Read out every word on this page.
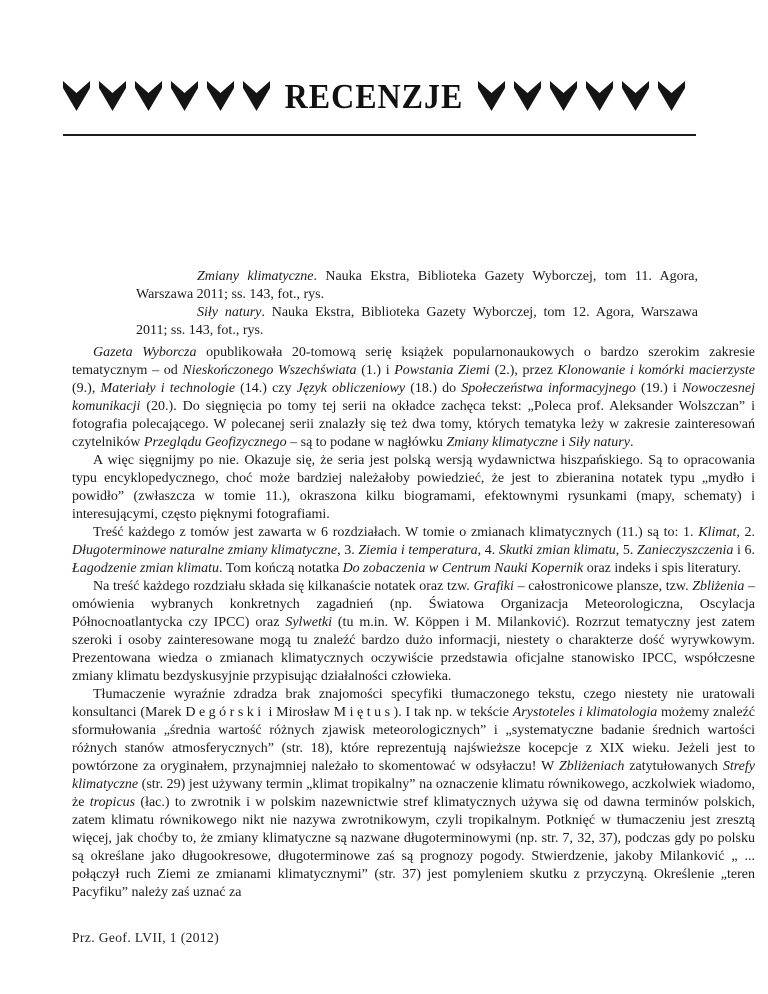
RECENZJE

Zmiany klimatyczne. Nauka Ekstra, Biblioteka Gazety Wyborczej, tom 11. Agora, Warszawa 2011; ss. 143, fot., rys.

Siły natury. Nauka Ekstra, Biblioteka Gazety Wyborczej, tom 12. Agora, Warszawa 2011; ss. 143, fot., rys.

Gazeta Wyborcza opublikowała 20-tomową serię książek popularnonaukowych o bardzo szerokim zakresie tematycznym – od Nieskończonego Wszechświata (1.) i Powstania Ziemi (2.), przez Klonowanie i komórki macierzyste (9.), Materiały i technologie (14.) czy Język obliczeniowy (18.) do Społeczeństwa informacyjnego (19.) i Nowoczesnej komunikacji (20.). Do sięgnięcia po tomy tej serii na okładce zachęca tekst: „Poleca prof. Aleksander Wolszczan” i fotografia polecającego. W polecanej serii znalazły się też dwa tomy, których tematyka leży w zakresie zainteresowań czytelników Przeglądu Geofizycznego – są to podane w nagłówku Zmiany klimatyczne i Siły natury.

A więc sięgnijmy po nie. Okazuje się, że seria jest polską wersją wydawnictwa hiszpańskiego. Są to opracowania typu encyklopedycznego, choć może bardziej należałoby powiedzieć, że jest to zbieranina notatek typu „mydło i powidło” (zwłaszcza w tomie 11.), okraszona kilku biogramami, efektownymi rysunkami (mapy, schematy) i interesującymi, często pięknymi fotografiami.

Treść każdego z tomów jest zawarta w 6 rozdziałach. W tomie o zmianach klimatycznych (11.) są to: 1. Klimat, 2. Długoterminowe naturalne zmiany klimatyczne, 3. Ziemia i temperatura, 4. Skutki zmian klimatu, 5. Zanieczyszczenia i 6. Łagodzenie zmian klimatu. Tom kończą notatka Do zobaczenia w Centrum Nauki Kopernik oraz indeks i spis literatury.

Na treść każdego rozdziału składa się kilkanaście notatek oraz tzw. Grafiki – całostronicowe plansze, tzw. Zbliżenia – omówienia wybranych konkretnych zagadnień (np. Światowa Organizacja Meteorologiczna, Oscylacja Północnoatlantycka czy IPCC) oraz Sylwetki (tu m.in. W. Köppen i M. Milanković). Rozrzut tematyczny jest zatem szeroki i osoby zainteresowane mogą tu znaleźć bardzo dużo informacji, niestety o charakterze dość wyrywkowym. Prezentowana wiedza o zmianach klimatycznych oczywiście przedstawia oficjalne stanowisko IPCC, współczesne zmiany klimatu bezdyskusyjnie przypisując działalności człowieka.

Tłumaczenie wyraźnie zdradza brak znajomości specyfiki tłumaczonego tekstu, czego niestety nie uratowali konsultanci (Marek Degórski i Mirosław Miętus). I tak np. w tekście Arystoteles i klimatologia możemy znaleźć sformułowania „średnia wartość różnych zjawisk meteorologicznych” i „systematyczne badanie średnich wartości różnych stanów atmosferycznych” (str. 18), które reprezentują najświeższe kocepcje z XIX wieku. Jeżeli jest to powtórzone za oryginałem, przynajmniej należało to skomentować w odsyłaczu! W Zbliżeniach zatytułowanych Strefy klimatyczne (str. 29) jest używany termin „klimat tropikalny” na oznaczenie klimatu równikowego, aczkolwiek wiadomo, że tropicus (łac.) to zwrotnik i w polskim nazewnictwie stref klimatycznych używa się od dawna terminów polskich, zatem klimatu równikowego nikt nie nazywa zwrotnikowym, czyli tropikalnym. Potknięć w tłumaczeniu jest zresztą więcej, jak choćby to, że zmiany klimatyczne są nazwane długoterminowymi (np. str. 7, 32, 37), podczas gdy po polsku są określane jako długookresowe, długoterminowe zaś są prognozy pogody. Stwierdzenie, jakoby Milanković „ ... połączył ruch Ziemi ze zmianami klimatycznymi” (str. 37) jest pomyleniem skutku z przyczyną. Określenie „teren Pacyfiku” należy zaś uznać za

Prz. Geof. LVII, 1 (2012)
